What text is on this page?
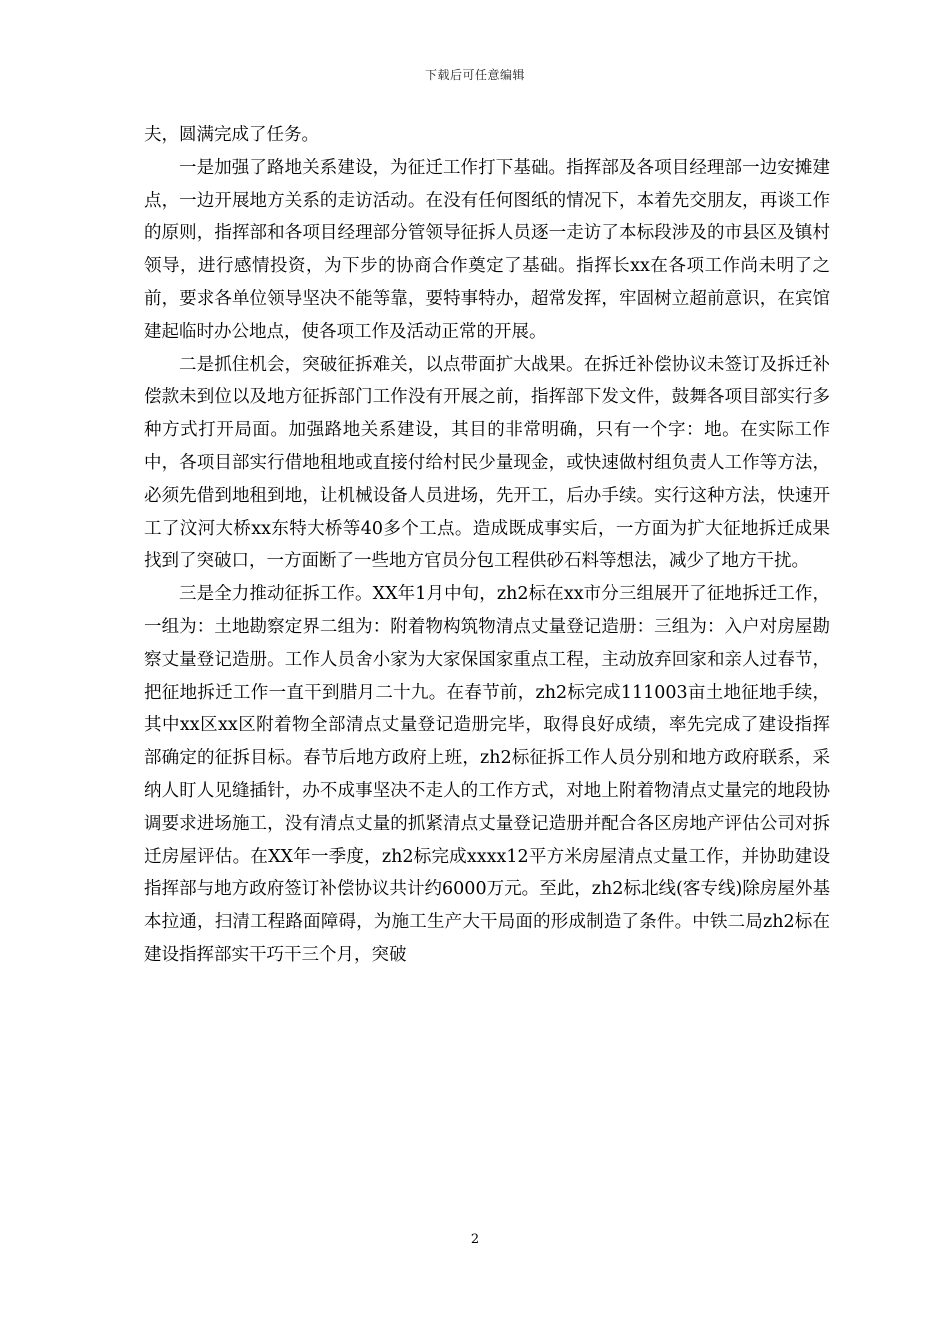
下载后可任意编辑

夫，圆满完成了任务。

一是加强了路地关系建设，为征迁工作打下基础。指挥部及各项目经理部一边安摊建点，一边开展地方关系的走访活动。在没有任何图纸的情况下，本着先交朋友，再谈工作的原则，指挥部和各项目经理部分管领导征拆人员逐一走访了本标段涉及的市县区及镇村领导，进行感情投资，为下步的协商合作奠定了基础。指挥长xx在各项工作尚未明了之前，要求各单位领导坚决不能等靠，要特事特办，超常发挥，牢固树立超前意识，在宾馆建起临时办公地点，使各项工作及活动正常的开展。

二是抓住机会，突破征拆难关，以点带面扩大战果。在拆迁补偿协议未签订及拆迁补偿款未到位以及地方征拆部门工作没有开展之前，指挥部下发文件，鼓舞各项目部实行多种方式打开局面。加强路地关系建设，其目的非常明确，只有一个字：地。在实际工作中，各项目部实行借地租地或直接付给村民少量现金，或快速做村组负责人工作等方法，必须先借到地租到地，让机械设备人员进场，先开工，后办手续。实行这种方法，快速开工了汶河大桥xx东特大桥等40多个工点。造成既成事实后，一方面为扩大征地拆迁成果找到了突破口，一方面断了一些地方官员分包工程供砂石料等想法，减少了地方干扰。

三是全力推动征拆工作。XX年1月中旬，zh2标在xx市分三组展开了征地拆迁工作，一组为：土地勘察定界二组为：附着物构筑物清点丈量登记造册：三组为：入户对房屋勘察丈量登记造册。工作人员舍小家为大家保国家重点工程，主动放弃回家和亲人过春节，把征地拆迁工作一直干到腊月二十九。在春节前，zh2标完成111003亩土地征地手续，其中xx区xx区附着物全部清点丈量登记造册完毕，取得良好成绩，率先完成了建设指挥部确定的征拆目标。春节后地方政府上班，zh2标征拆工作人员分别和地方政府联系，采纳人盯人见缝插针，办不成事坚决不走人的工作方式，对地上附着物清点丈量完的地段协调要求进场施工，没有清点丈量的抓紧清点丈量登记造册并配合各区房地产评估公司对拆迁房屋评估。在XX年一季度，zh2标完成xxxx12平方米房屋清点丈量工作，并协助建设指挥部与地方政府签订补偿协议共计约6000万元。至此，zh2标北线(客专线)除房屋外基本拉通，扫清工程路面障碍，为施工生产大干局面的形成制造了条件。中铁二局zh2标在建设指挥部实干巧干三个月，突破

2
